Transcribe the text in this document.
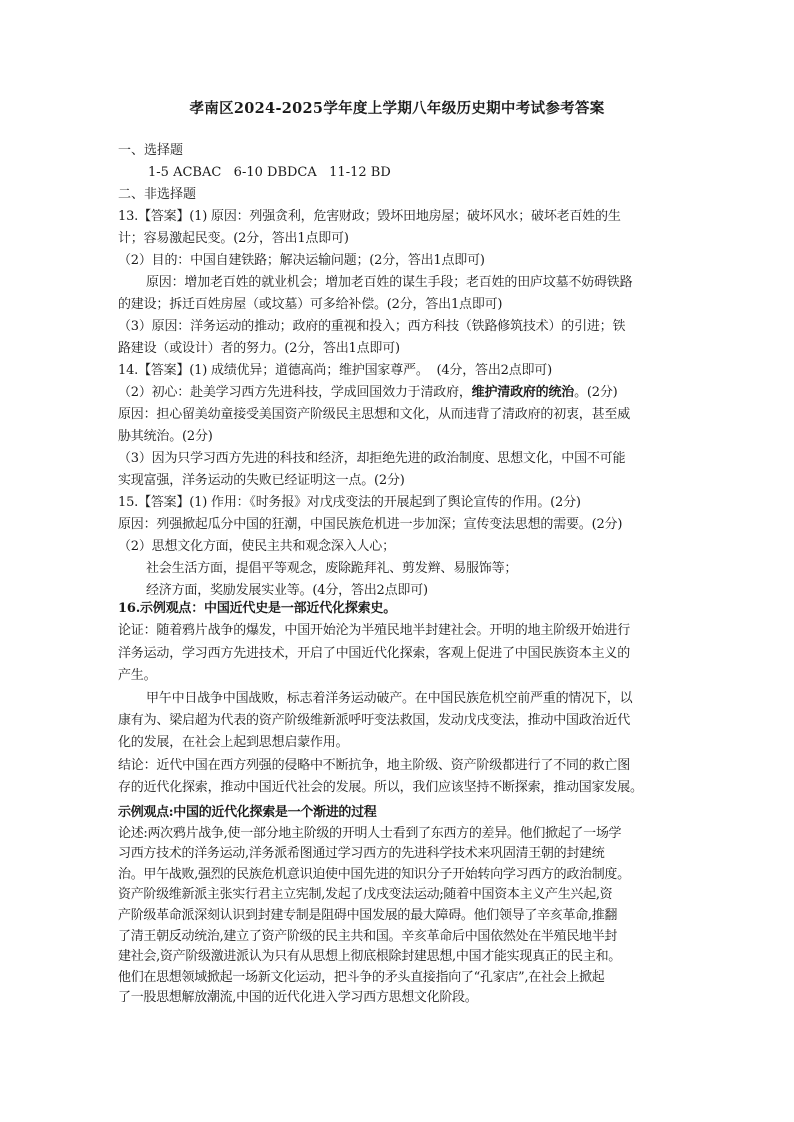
孝南区2024-2025学年度上学期八年级历史期中考试参考答案

一、选择题

1-5 ACBAC   6-10 DBDCA   11-12 BD

二、非选择题

13.【答案】(1) 原因：列强贪利，危害财政；毁坏田地房屋；破坏风水；破坏老百姓的生

计；容易激起民变。(2分，答出1点即可)

（2）目的：中国自建铁路；解决运输问题；(2分，答出1点即可)

原因：增加老百姓的就业机会；增加老百姓的谋生手段；老百姓的田庐坟墓不妨碍铁路

的建设；拆迁百姓房屋（或坟墓）可多给补偿。(2分，答出1点即可)

（3）原因：洋务运动的推动；政府的重视和投入；西方科技（铁路修筑技术）的引进；铁

路建设（或设计）者的努力。(2分，答出1点即可)

14.【答案】(1) 成绩优异；道德高尚；维护国家尊严。  (4分，答出2点即可)

（2）初心：赴美学习西方先进科技，学成回国效力于清政府，维护清政府的统治。(2分)

原因：担心留美幼童接受美国资产阶级民主思想和文化，从而违背了清政府的初衷，甚至威

胁其统治。(2分)

（3）因为只学习西方先进的科技和经济，却拒绝先进的政治制度、思想文化，中国不可能

实现富强，洋务运动的失败已经证明这一点。(2分)

15.【答案】(1) 作用：《时务报》对戊戌变法的开展起到了舆论宣传的作用。(2分)

原因：列强掀起瓜分中国的狂潮，中国民族危机进一步加深；宣传变法思想的需要。(2分)

（2）思想文化方面，使民主共和观念深入人心；

社会生活方面，提倡平等观念，废除跪拜礼、剪发辫、易服饰等；

经济方面，奖励发展实业等。(4分，答出2点即可)

16.示例观点：中国近代史是一部近代化探索史。

论证：随着鸦片战争的爆发，中国开始沦为半殖民地半封建社会。开明的地主阶级开始进行

洋务运动，学习西方先进技术，开启了中国近代化探索，客观上促进了中国民族资本主义的

产生。

甲午中日战争中国战败，标志着洋务运动破产。在中国民族危机空前严重的情况下，以

康有为、梁启超为代表的资产阶级维新派呼吁变法救国，发动戊戌变法，推动中国政治近代

化的发展，在社会上起到思想启蒙作用。

结论：近代中国在西方列强的侵略中不断抗争，地主阶级、资产阶级都进行了不同的救亡图

存的近代化探索，推动中国近代社会的发展。所以，我们应该坚持不断探索，推动国家发展。

示例观点:中国的近代化探索是一个渐进的过程

论述:两次鸦片战争,使一部分地主阶级的开明人士看到了东西方的差异。他们掀起了一场学

习西方技术的洋务运动,洋务派希图通过学习西方的先进科学技术来巩固清王朝的封建统

治。甲午战败,强烈的民族危机意识迫使中国先进的知识分子开始转向学习西方的政治制度。

资产阶级维新派主张实行君主立宪制,发起了戊戌变法运动;随着中国资本主义产生兴起,资

产阶级革命派深刻认识到封建专制是阻碍中国发展的最大障碍。他们领导了辛亥革命,推翻

了清王朝反动统治,建立了资产阶级的民主共和国。辛亥革命后中国依然处在半殖民地半封

建社会,资产阶级激进派认为只有从思想上彻底根除封建思想,中国才能实现真正的民主和。

他们在思想领域掀起一场新文化运动，把斗争的矛头直接指向了“孔家店”,在社会上掀起

了一股思想解放潮流,中国的近代化进入学习西方思想文化阶段。
